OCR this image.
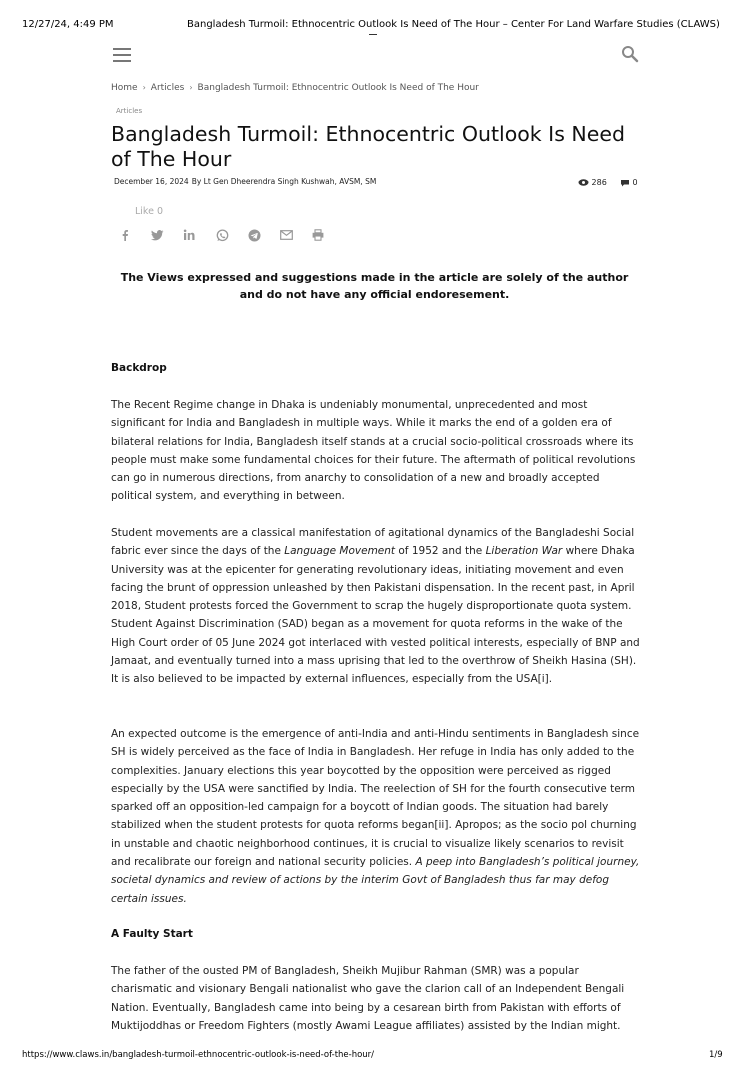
12/27/24, 4:49 PM	Bangladesh Turmoil: Ethnocentric Outlook Is Need of The Hour – Center For Land Warfare Studies (CLAWS)
Home › Articles › Bangladesh Turmoil: Ethnocentric Outlook Is Need of The Hour
Articles
Bangladesh Turmoil: Ethnocentric Outlook Is Need of The Hour
December 16, 2024 By Lt Gen Dheerendra Singh Kushwah, AVSM, SM	286	0
Like 0

The Views expressed and suggestions made in the article are solely of the author and do not have any official endoresement.

Backdrop

The Recent Regime change in Dhaka is undeniably monumental, unprecedented and most significant for India and Bangladesh in multiple ways. While it marks the end of a golden era of bilateral relations for India, Bangladesh itself stands at a crucial socio-political crossroads where its people must make some fundamental choices for their future. The aftermath of political revolutions can go in numerous directions, from anarchy to consolidation of a new and broadly accepted political system, and everything in between.

Student movements are a classical manifestation of agitational dynamics of the Bangladeshi Social fabric ever since the days of the Language Movement of 1952 and the Liberation War where Dhaka University was at the epicenter for generating revolutionary ideas, initiating movement and even facing the brunt of oppression unleashed by then Pakistani dispensation. In the recent past, in April 2018, Student protests forced the Government to scrap the hugely disproportionate quota system. Student Against Discrimination (SAD) began as a movement for quota reforms in the wake of the High Court order of 05 June 2024 got interlaced with vested political interests, especially of BNP and Jamaat, and eventually turned into a mass uprising that led to the overthrow of Sheikh Hasina (SH). It is also believed to be impacted by external influences, especially from the USA[i].

An expected outcome is the emergence of anti-India and anti-Hindu sentiments in Bangladesh since SH is widely perceived as the face of India in Bangladesh. Her refuge in India has only added to the complexities. January elections this year boycotted by the opposition were perceived as rigged especially by the USA were sanctified by India. The reelection of SH for the fourth consecutive term sparked off an opposition-led campaign for a boycott of Indian goods. The situation had barely stabilized when the student protests for quota reforms began[ii]. Apropos; as the socio pol churning in unstable and chaotic neighborhood continues, it is crucial to visualize likely scenarios to revisit and recalibrate our foreign and national security policies. A peep into Bangladesh’s political journey, societal dynamics and review of actions by the interim Govt of Bangladesh thus far may defog certain issues.

A Faulty Start

The father of the ousted PM of Bangladesh, Sheikh Mujibur Rahman (SMR) was a popular charismatic and visionary Bengali nationalist who gave the clarion call of an Independent Bengali Nation. Eventually, Bangladesh came into being by a cesarean birth from Pakistan with efforts of Muktijoddhas or Freedom Fighters (mostly Awami League affiliates) assisted by the Indian might.

https://www.claws.in/bangladesh-turmoil-ethnocentric-outlook-is-need-of-the-hour/	1/9
